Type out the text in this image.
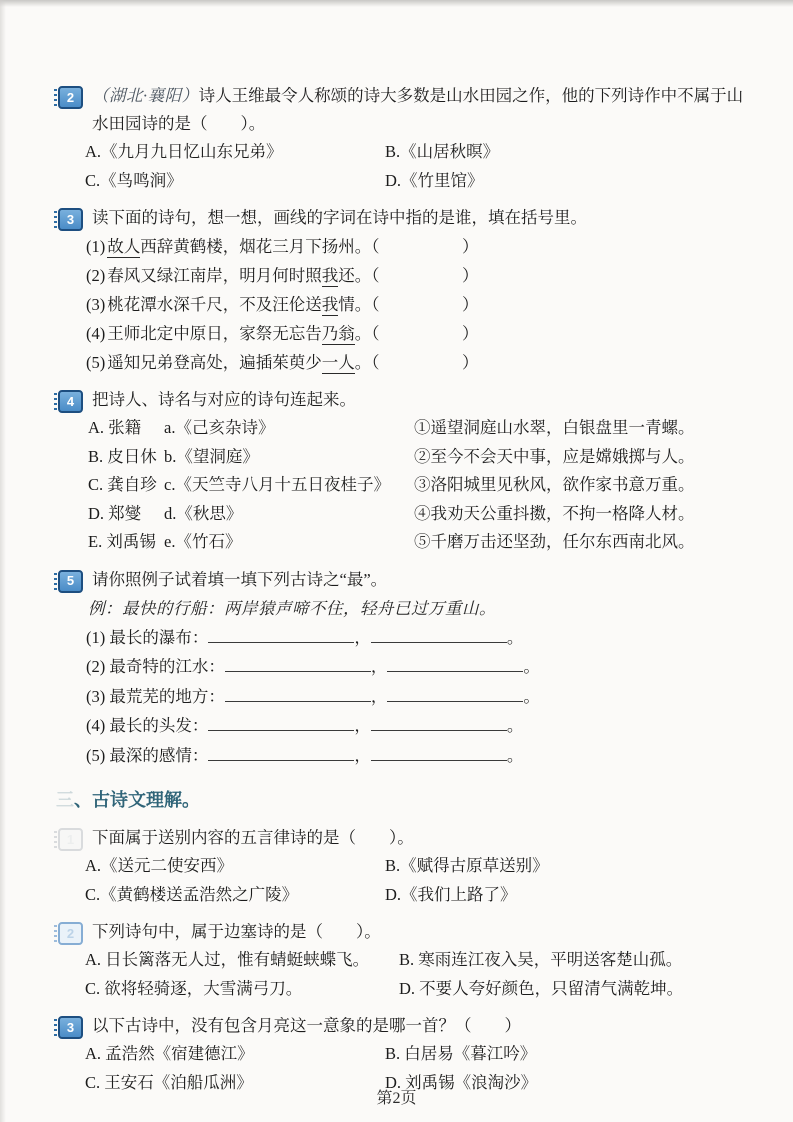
2	（湖北·襄阳）诗人王维最令人称颂的诗大多数是山水田园之作，他的下列诗作中不属于山水田园诗的是（　　）。
A.《九月九日忆山东兄弟》	B.《山居秋暝》
C.《鸟鸣涧》	D.《竹里馆》
3	读下面的诗句，想一想，画线的字词在诗中指的是谁，填在括号里。
(1) 故人西辞黄鹤楼，烟花三月下扬州。（　　　　　）
(2) 春风又绿江南岸，明月何时照我还。（　　　　　）
(3) 桃花潭水深千尺，不及汪伦送我情。（　　　　　）
(4) 王师北定中原日，家祭无忘告乃翁。（　　　　　）
(5) 遥知兄弟登高处，遍插茱萸少一人。（　　　　　）
4	把诗人、诗名与对应的诗句连起来。
A. 张籍	a.《己亥杂诗》	①遥望洞庭山水翠，白银盘里一青螺。
B. 皮日休 b.《望洞庭》	②至今不会天中事，应是嫦娥掷与人。
C. 龚自珍 c.《天竺寺八月十五日夜桂子》	③洛阳城里见秋风，欲作家书意万重。
D. 郑燮	d.《秋思》	④我劝天公重抖擞，不拘一格降人材。
E. 刘禹锡 e.《竹石》	⑤千磨万击还坚劲，任尔东西南北风。
5	请你照例子试着填一填下列古诗之“最”。
例：最快的行船：两岸猿声啼不住，轻舟已过万重山。
(1) 最长的瀑布：	，	。
(2) 最奇特的江水：	，	。
(3) 最荒芜的地方：	，	。
(4) 最长的头发：	，	。
(5) 最深的感情：	，	。
三、古诗文理解。
1	下面属于送别内容的五言律诗的是（　　）。
A.《送元二使安西》	B.《赋得古原草送别》
C.《黄鹤楼送孟浩然之广陵》	D.《我们上路了》
2	下列诗句中，属于边塞诗的是（　　）。
A. 日长篱落无人过，惟有蜻蜓蛱蝶飞。	B. 寒雨连江夜入吴，平明送客楚山孤。
C. 欲将轻骑逐，大雪满弓刀。	D. 不要人夸好颜色，只留清气满乾坤。
3	以下古诗中，没有包含月亮这一意象的是哪一首？（　　）
A. 孟浩然《宿建德江》	B. 白居易《暮江吟》
C. 王安石《泊船瓜洲》	D. 刘禹锡《浪淘沙》
第2页
